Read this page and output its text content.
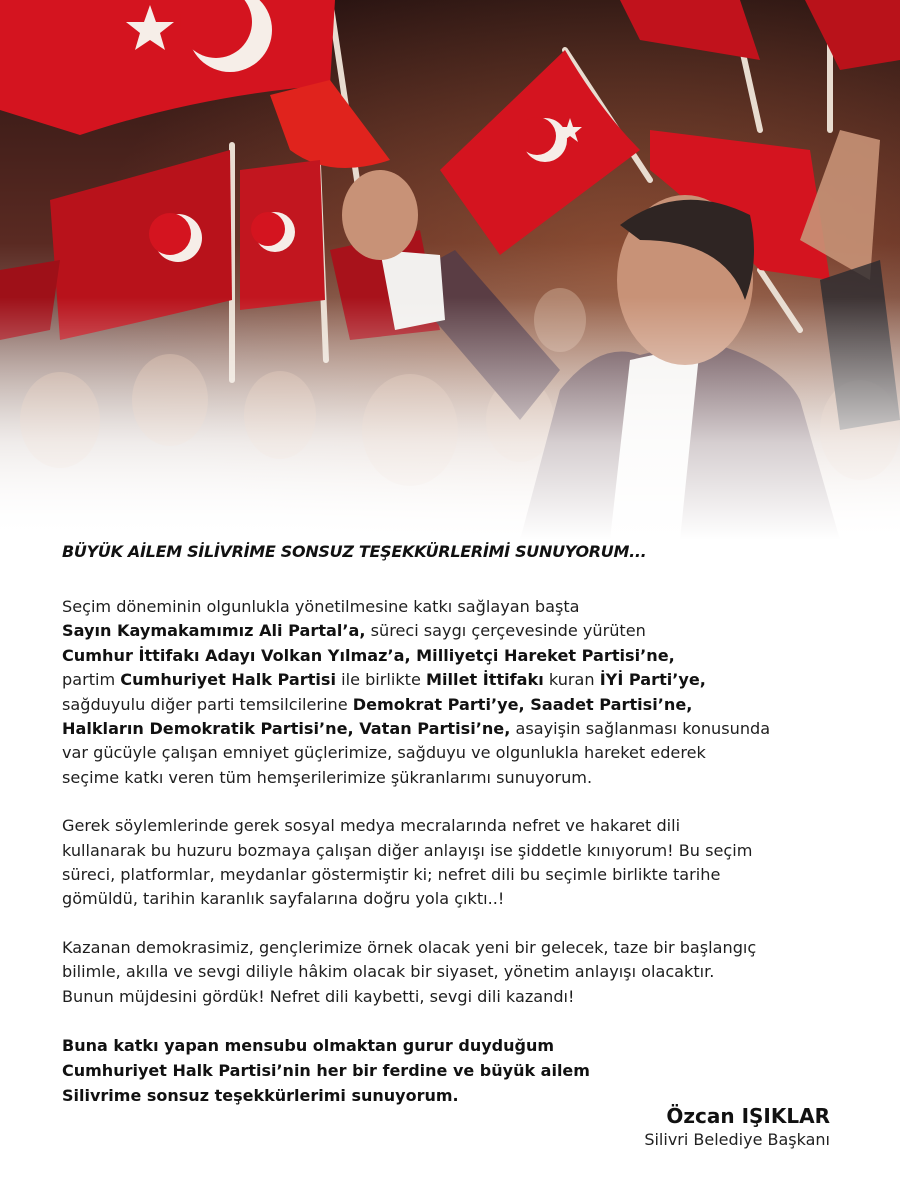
BÜYÜK AİLEM SİLİVRİME SONSUZ TEŞEKKÜRLERİMİ SUNUYORUM...

Seçim döneminin olgunlukla yönetilmesine katkı sağlayan başta
Sayın Kaymakamımız Ali Partal’a, süreci saygı çerçevesinde yürüten
Cumhur İttifakı Adayı Volkan Yılmaz’a, Milliyetçi Hareket Partisi’ne,
partim Cumhuriyet Halk Partisi ile birlikte Millet İttifakı kuran İYİ Parti’ye,
sağduyulu diğer parti temsilcilerine Demokrat Parti’ye, Saadet Partisi’ne,
Halkların Demokratik Partisi’ne, Vatan Partisi’ne, asayişin sağlanması konusunda
var gücüyle çalışan emniyet güçlerimize, sağduyu ve olgunlukla hareket ederek
seçime katkı veren tüm hemşerilerimize şükranlarımı sunuyorum.

Gerek söylemlerinde gerek sosyal medya mecralarında nefret ve hakaret dili
kullanarak bu huzuru bozmaya çalışan diğer anlayışı ise şiddetle kınıyorum! Bu seçim
süreci, platformlar, meydanlar göstermiştir ki; nefret dili bu seçimle birlikte tarihe
gömüldü, tarihin karanlık sayfalarına doğru yola çıktı..!

Kazanan demokrasimiz, gençlerimize örnek olacak yeni bir gelecek, taze bir başlangıç
bilimle, akılla ve sevgi diliyle hâkim olacak bir siyaset, yönetim anlayışı olacaktır.
Bunun müjdesini gördük! Nefret dili kaybetti, sevgi dili kazandı!

Buna katkı yapan mensubu olmaktan gurur duyduğum
Cumhuriyet Halk Partisi’nin her bir ferdine ve büyük ailem
Silivrime sonsuz teşekkürlerimi sunuyorum.

Özcan IŞIKLAR
Silivri Belediye Başkanı
